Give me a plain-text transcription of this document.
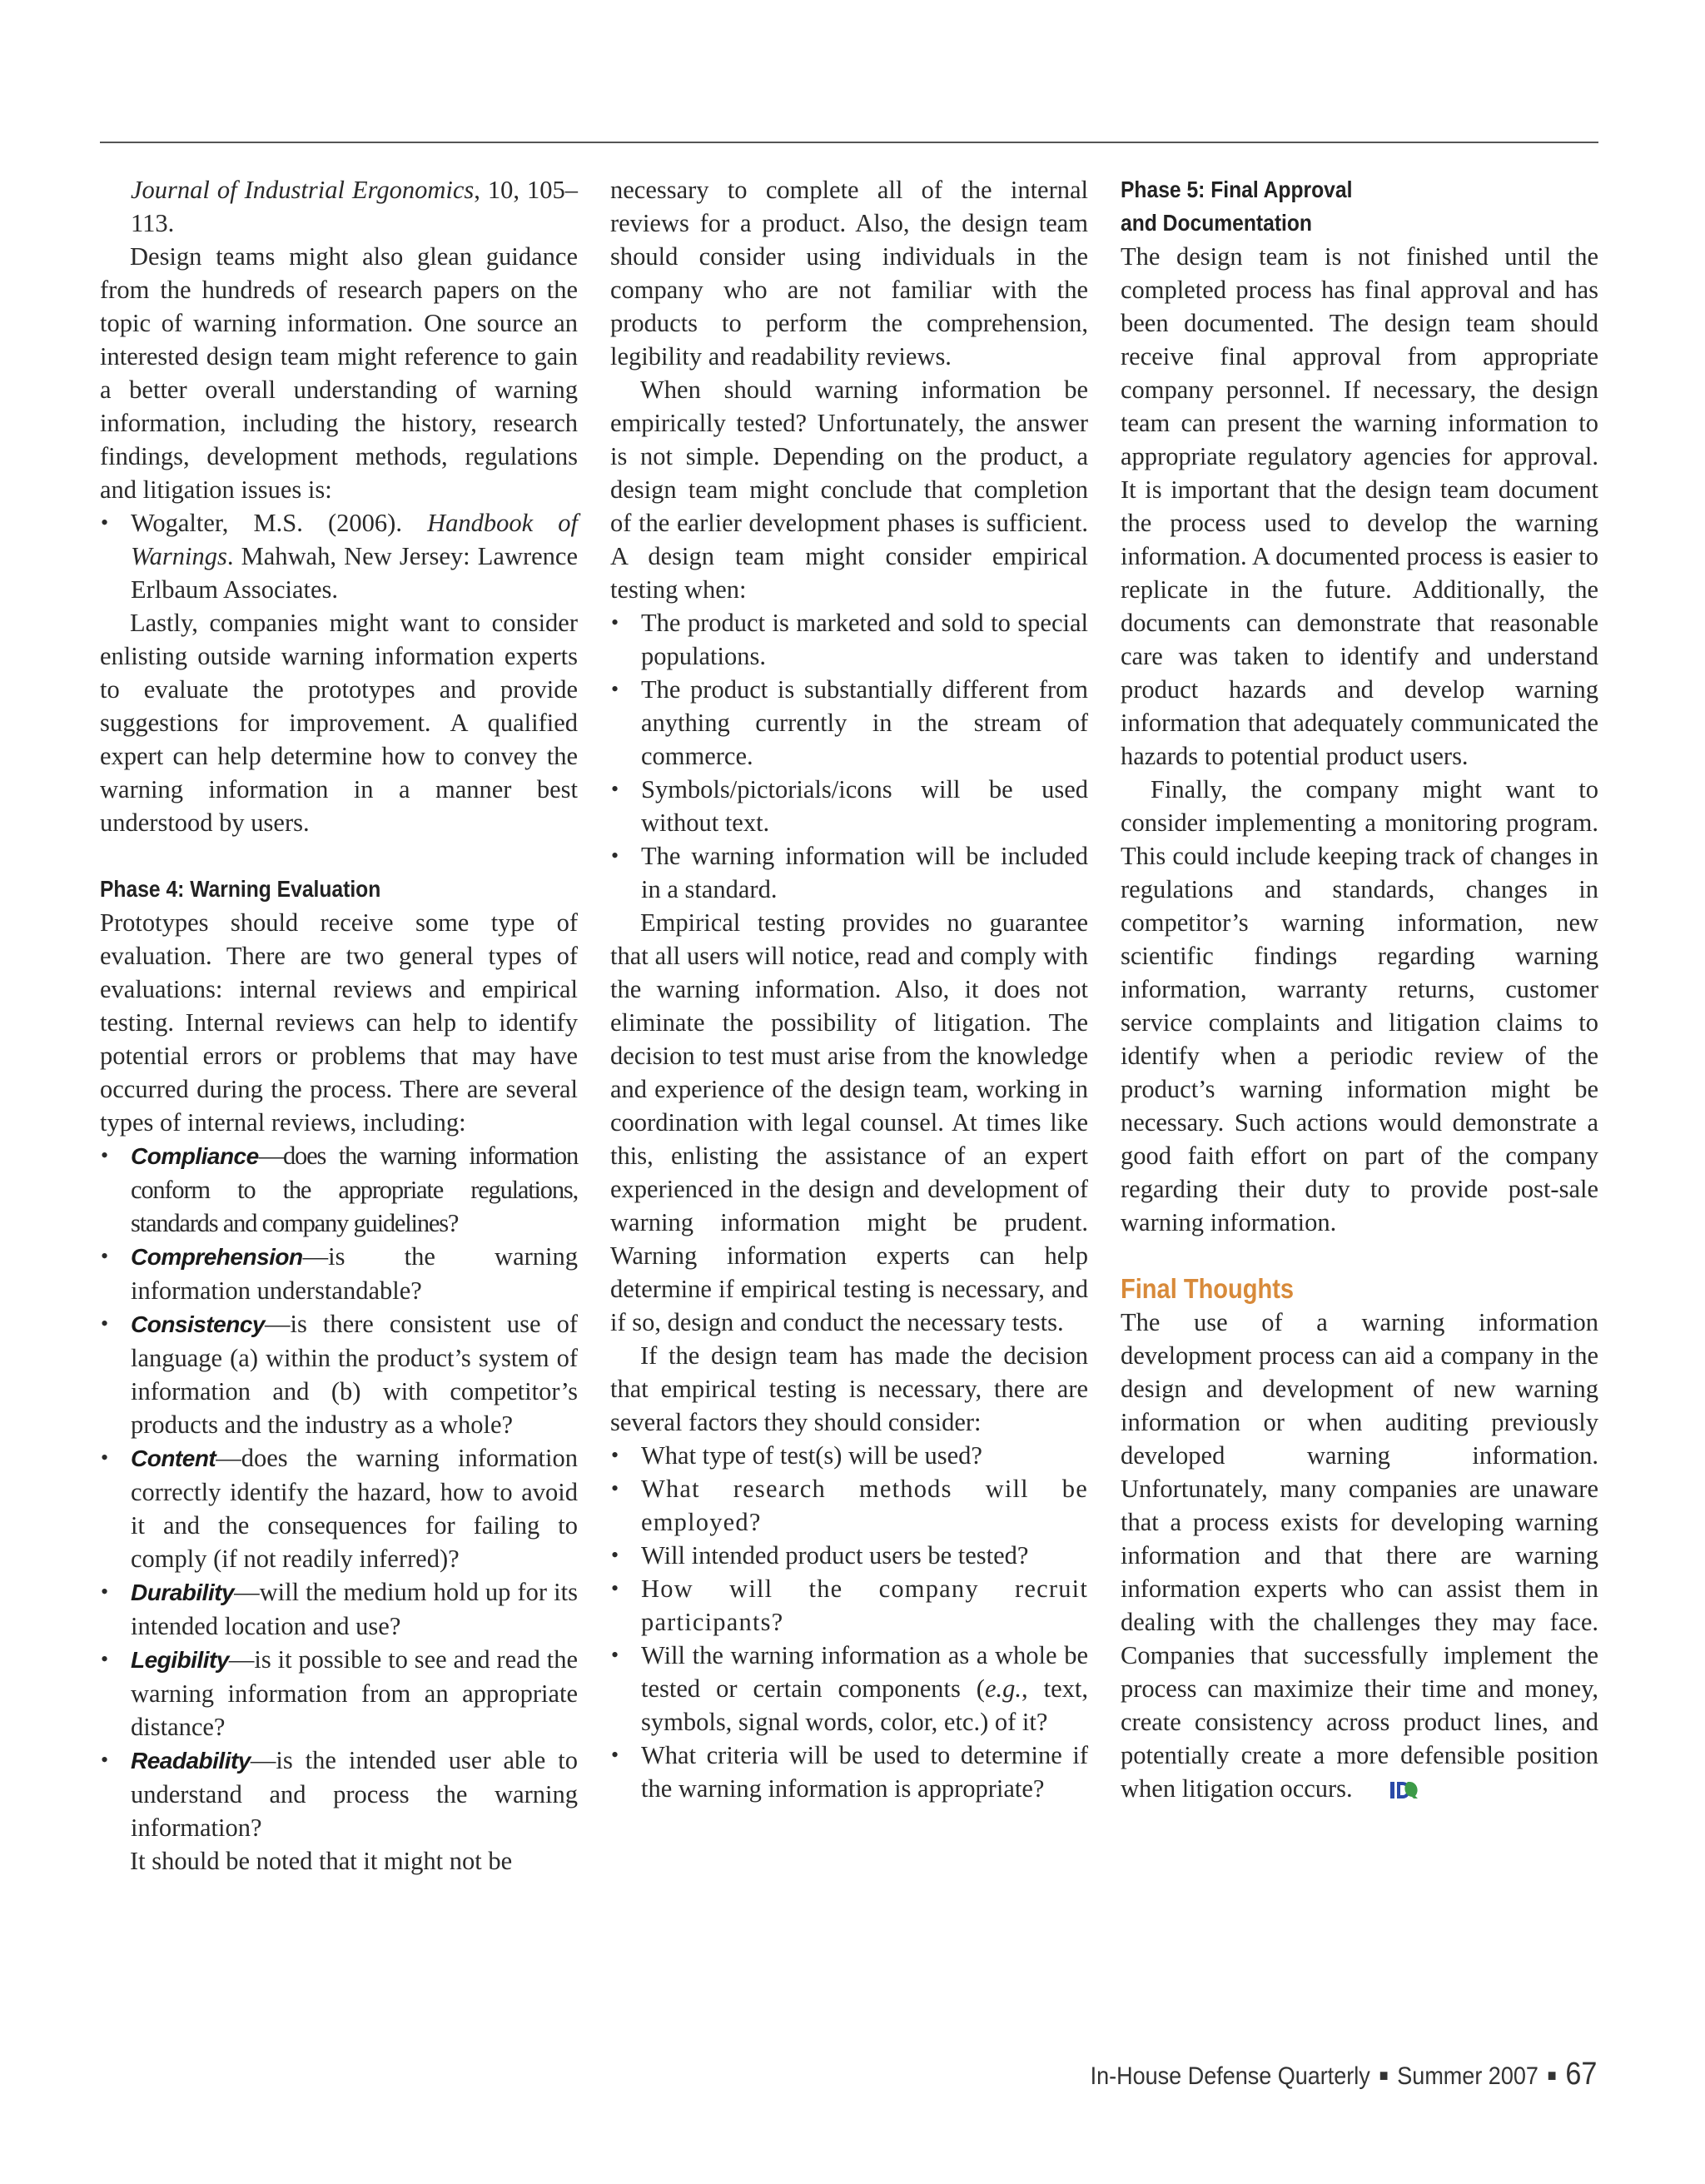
Journal of Industrial Ergonomics, 10, 105–113.

Design teams might also glean guidance from the hundreds of research papers on the topic of warning information. One source an interested design team might reference to gain a better overall understanding of warning information, including the history, research findings, development methods, regulations and litigation issues is:

• Wogalter, M.S. (2006). Handbook of Warnings. Mahwah, New Jersey: Lawrence Erlbaum Associates.

Lastly, companies might want to consider enlisting outside warning information experts to evaluate the prototypes and provide suggestions for improvement. A qualified expert can help determine how to convey the warning information in a manner best understood by users.

Phase 4: Warning Evaluation

Prototypes should receive some type of evaluation. There are two general types of evaluations: internal reviews and empirical testing. Internal reviews can help to identify potential errors or problems that may have occurred during the process. There are several types of internal reviews, including:

• Compliance—does the warning information conform to the appropriate regulations, standards and company guidelines?
• Comprehension—is the warning information understandable?
• Consistency—is there consistent use of language (a) within the product’s system of information and (b) with competitor’s products and the industry as a whole?
• Content—does the warning information correctly identify the hazard, how to avoid it and the consequences for failing to comply (if not readily inferred)?
• Durability—will the medium hold up for its intended location and use?
• Legibility—is it possible to see and read the warning information from an appropriate distance?
• Readability—is the intended user able to understand and process the warning information?

It should be noted that it might not be

necessary to complete all of the internal reviews for a product. Also, the design team should consider using individuals in the company who are not familiar with the products to perform the comprehension, legibility and readability reviews.

When should warning information be empirically tested? Unfortunately, the answer is not simple. Depending on the product, a design team might conclude that completion of the earlier development phases is sufficient. A design team might consider empirical testing when:

• The product is marketed and sold to special populations.
• The product is substantially different from anything currently in the stream of commerce.
• Symbols/pictorials/icons will be used without text.
• The warning information will be included in a standard.

Empirical testing provides no guarantee that all users will notice, read and comply with the warning information. Also, it does not eliminate the possibility of litigation. The decision to test must arise from the knowledge and experience of the design team, working in coordination with legal counsel. At times like this, enlisting the assistance of an expert experienced in the design and development of warning information might be prudent. Warning information experts can help determine if empirical testing is necessary, and if so, design and conduct the necessary tests.

If the design team has made the decision that empirical testing is necessary, there are several factors they should consider:

• What type of test(s) will be used?
• What research methods will be employed?
• Will intended product users be tested?
• How will the company recruit participants?
• Will the warning information as a whole be tested or certain components (e.g., text, symbols, signal words, color, etc.) of it?
• What criteria will be used to determine if the warning information is appropriate?
Phase 5: Final Approval
and Documentation

The design team is not finished until the completed process has final approval and has been documented. The design team should receive final approval from appropriate company personnel. If necessary, the design team can present the warning information to appropriate regulatory agencies for approval. It is important that the design team document the process used to develop the warning information. A documented process is easier to replicate in the future. Additionally, the documents can demonstrate that reasonable care was taken to identify and understand product hazards and develop warning information that adequately communicated the hazards to potential product users.

Finally, the company might want to consider implementing a monitoring program. This could include keeping track of changes in regulations and standards, changes in competitor’s warning information, new scientific findings regarding warning information, warranty returns, customer service complaints and litigation claims to identify when a periodic review of the product’s warning information might be necessary. Such actions would demonstrate a good faith effort on part of the company regarding their duty to provide post-sale warning information.

Final Thoughts

The use of a warning information development process can aid a company in the design and development of new warning information or when auditing previously developed warning information. Unfortunately, many companies are unaware that a process exists for developing warning information and that there are warning information experts who can assist them in dealing with the challenges they may face. Companies that successfully implement the process can maximize their time and money, create consistency across product lines, and potentially create a more defensible position when litigation occurs.

In-House Defense Quarterly ■ Summer 2007 ■ 67
